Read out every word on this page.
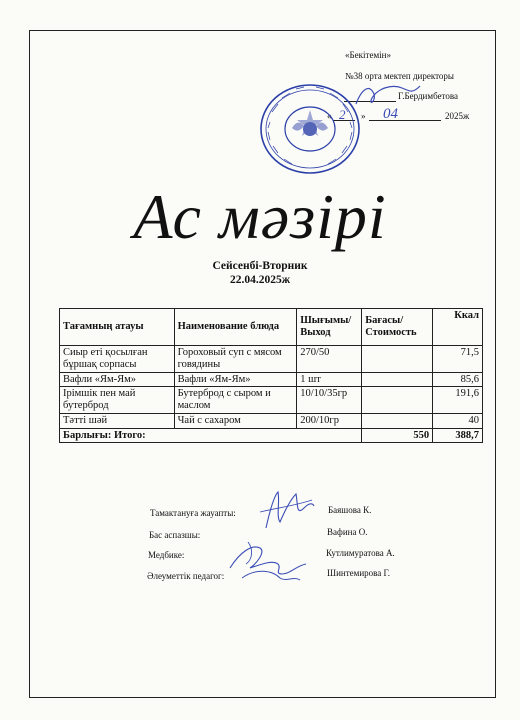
«Бекітемін»
№38 орта мектеп директоры
Г.Бердимбетова
« 2 » 04	2025ж
Ас мәзірі
Сейсенбі-Вторник
22.04.2025ж
Тағамның атауы	Наименование блюда	Шығымы/ Выход	Бағасы/ Стоимость	Ккал
Сиыр еті қосылған бұршақ сорпасы	Гороховый суп с мясом говядины	270/50		71,5
Вафли «Ям-Ям»	Вафли «Ям-Ям»	1 шт		85,6
Ірімшік пен май бутерброд	Бутерброд с сыром и маслом	10/10/35гр		191,6
Тәтті шәй	Чай с сахаром	200/10гр		40
Барлығы: Итого:			550	388,7
Тамактануға жауапты:	Баяшова К.
Бас аспазшы:	Вафина О.
Медбике:	Кутлимуратова А.
Әлеуметтік педагог:	Шинтемирова Г.
